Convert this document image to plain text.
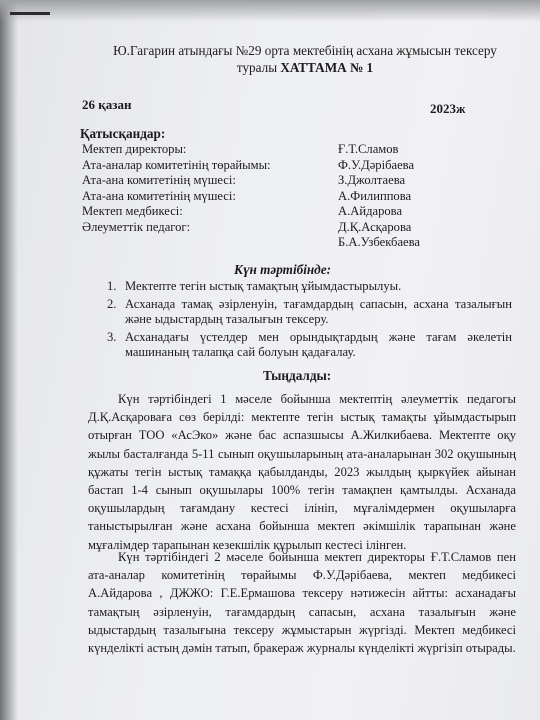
Ю.Гагарин атындағы №29 орта мектебінің асхана жұмысын тексеру
туралы ХАТТАМА № 1
26 қазан	2023ж
Қатысқандар:
Мектеп директоры:	Ғ.Т.Сламов
Ата-аналар комитетінің төрайымы:	Ф.У.Дәрібаева
Ата-ана комитетінің мүшесі:	З.Джолтаева
Ата-ана комитетінің мүшесі:	А.Филиппова
Мектеп медбикесі:	А.Айдарова
Әлеуметтік педагог:	Д.Қ.Асқарова
Б.А.Узбекбаева
Күн тәртібінде:
1. Мектепте тегін ыстық тамақтың ұйымдастырылуы.
2. Асханада тамақ әзірленуін, тағамдардың сапасын, асхана тазалығын және ыдыстардың тазалығын тексеру.
3. Асханадағы үстелдер мен орындықтардың және тағам әкелетін машинаның талапқа сай болуын қадағалау.
Тыңдалды:
Күн тәртібіндегі 1 мәселе бойынша мектептің әлеуметтік педагогы Д.Қ.Асқароваға сөз берілді: мектепте тегін ыстық тамақты ұйымдастырып отырған ТОО «АсЭко» және бас аспазшысы А.Жилкибаева. Мектепте оқу жылы басталғанда 5-11 сынып оқушыларының ата-аналарынан 302 оқушының құжаты тегін ыстық тамаққа қабылданды, 2023 жылдың қыркүйек айынан бастап 1-4 сынып оқушылары 100% тегін тамақпен қамтылды. Асханада оқушылардың тағамдану кестесі ілініп, мұғалімдермен оқушыларға таныстырылған және асхана бойынша мектеп әкімшілік тарапынан және мұғалімдер тарапынан кезекшілік құрылып кестесі ілінген.
Күн тәртібіндегі 2 мәселе бойынша мектеп директоры Ғ.Т.Сламов пен ата-аналар комитетінің төрайымы Ф.У.Дәрібаева, мектеп медбикесі А.Айдарова , ДЖЖО: Г.Е.Ермашова тексеру нәтижесін айтты: асханадағы тамақтың әзірленуін, тағамдардың сапасын, асхана тазалығын және ыдыстардың тазалығына тексеру жұмыстарын жүргізді. Мектеп медбикесі күнделікті астың дәмін татып, бракераж журналы күнделікті жүргізіп отырады.
